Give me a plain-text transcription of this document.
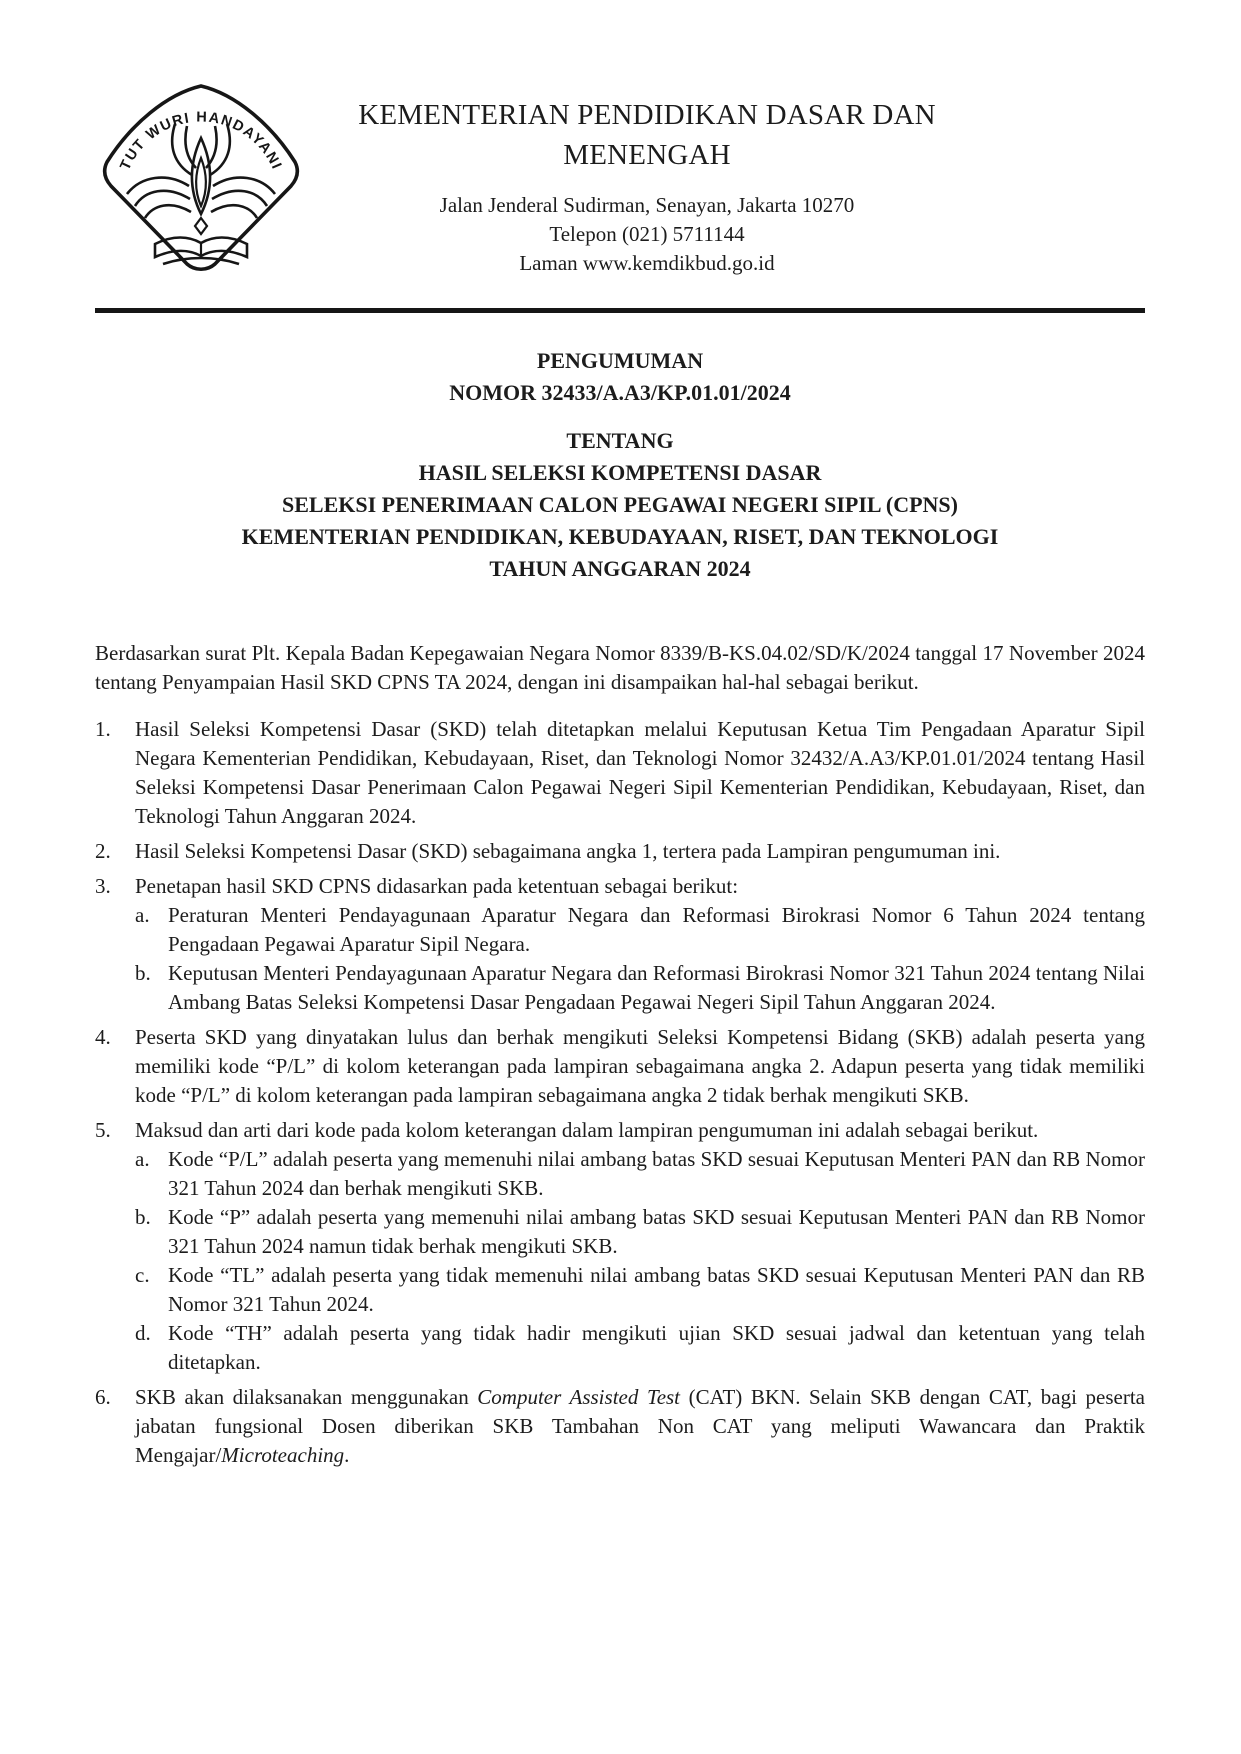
TUT WURI HANDAYANI
KEMENTERIAN PENDIDIKAN DASAR DAN MENENGAH
Jalan Jenderal Sudirman, Senayan, Jakarta 10270
Telepon (021) 5711144
Laman www.kemdikbud.go.id
PENGUMUMAN
NOMOR 32433/A.A3/KP.01.01/2024
TENTANG
HASIL SELEKSI KOMPETENSI DASAR
SELEKSI PENERIMAAN CALON PEGAWAI NEGERI SIPIL (CPNS)
KEMENTERIAN PENDIDIKAN, KEBUDAYAAN, RISET, DAN TEKNOLOGI
TAHUN ANGGARAN 2024
Berdasarkan surat Plt. Kepala Badan Kepegawaian Negara Nomor 8339/B-KS.04.02/SD/K/2024 tanggal 17 November 2024 tentang Penyampaian Hasil SKD CPNS TA 2024, dengan ini disampaikan hal-hal sebagai berikut.
1.	Hasil Seleksi Kompetensi Dasar (SKD) telah ditetapkan melalui Keputusan Ketua Tim Pengadaan Aparatur Sipil Negara Kementerian Pendidikan, Kebudayaan, Riset, dan Teknologi Nomor 32432/A.A3/KP.01.01/2024 tentang Hasil Seleksi Kompetensi Dasar Penerimaan Calon Pegawai Negeri Sipil Kementerian Pendidikan, Kebudayaan, Riset, dan Teknologi Tahun Anggaran 2024.
2.	Hasil Seleksi Kompetensi Dasar (SKD) sebagaimana angka 1, tertera pada Lampiran pengumuman ini.
3.	Penetapan hasil SKD CPNS didasarkan pada ketentuan sebagai berikut:
a. Peraturan Menteri Pendayagunaan Aparatur Negara dan Reformasi Birokrasi Nomor 6 Tahun 2024 tentang Pengadaan Pegawai Aparatur Sipil Negara.
b. Keputusan Menteri Pendayagunaan Aparatur Negara dan Reformasi Birokrasi Nomor 321 Tahun 2024 tentang Nilai Ambang Batas Seleksi Kompetensi Dasar Pengadaan Pegawai Negeri Sipil Tahun Anggaran 2024.
4.	Peserta SKD yang dinyatakan lulus dan berhak mengikuti Seleksi Kompetensi Bidang (SKB) adalah peserta yang memiliki kode “P/L” di kolom keterangan pada lampiran sebagaimana angka 2. Adapun peserta yang tidak memiliki kode “P/L” di kolom keterangan pada lampiran sebagaimana angka 2 tidak berhak mengikuti SKB.
5.	Maksud dan arti dari kode pada kolom keterangan dalam lampiran pengumuman ini adalah sebagai berikut.
a. Kode “P/L” adalah peserta yang memenuhi nilai ambang batas SKD sesuai Keputusan Menteri PAN dan RB Nomor 321 Tahun 2024 dan berhak mengikuti SKB.
b. Kode “P” adalah peserta yang memenuhi nilai ambang batas SKD sesuai Keputusan Menteri PAN dan RB Nomor 321 Tahun 2024 namun tidak berhak mengikuti SKB.
c. Kode “TL” adalah peserta yang tidak memenuhi nilai ambang batas SKD sesuai Keputusan Menteri PAN dan RB Nomor 321 Tahun 2024.
d. Kode “TH” adalah peserta yang tidak hadir mengikuti ujian SKD sesuai jadwal dan ketentuan yang telah ditetapkan.
6.	SKB akan dilaksanakan menggunakan Computer Assisted Test (CAT) BKN. Selain SKB dengan CAT, bagi peserta jabatan fungsional Dosen diberikan SKB Tambahan Non CAT yang meliputi Wawancara dan Praktik Mengajar/Microteaching.
